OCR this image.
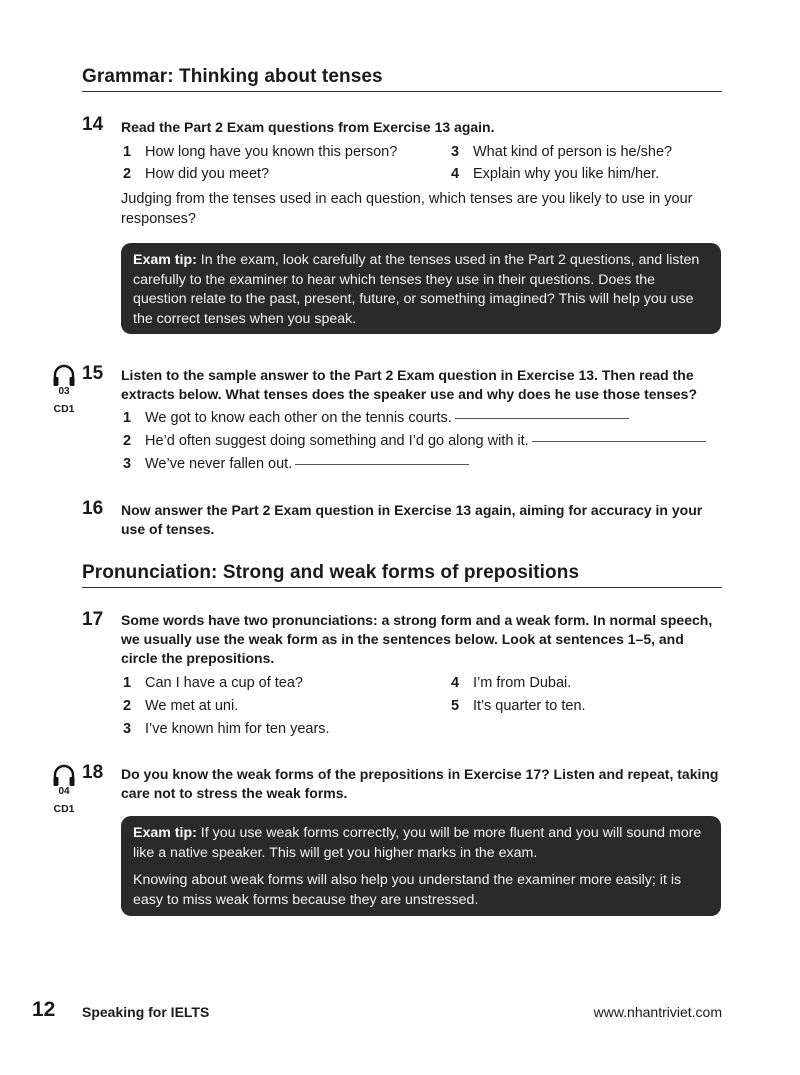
Grammar: Thinking about tenses
14 Read the Part 2 Exam questions from Exercise 13 again.
1 How long have you known this person?
2 How did you meet?
3 What kind of person is he/she?
4 Explain why you like him/her.
Judging from the tenses used in each question, which tenses are you likely to use in your responses?

Exam tip: In the exam, look carefully at the tenses used in the Part 2 questions, and listen carefully to the examiner to hear which tenses they use in their questions. Does the question relate to the past, present, future, or something imagined? This will help you use the correct tenses when you speak.

03
CD1
15 Listen to the sample answer to the Part 2 Exam question in Exercise 13. Then read the extracts below. What tenses does the speaker use and why does he use those tenses?
1 We got to know each other on the tennis courts.
2 He’d often suggest doing something and I’d go along with it.
3 We’ve never fallen out.
16 Now answer the Part 2 Exam question in Exercise 13 again, aiming for accuracy in your use of tenses.
Pronunciation: Strong and weak forms of prepositions
17 Some words have two pronunciations: a strong form and a weak form. In normal speech, we usually use the weak form as in the sentences below. Look at sentences 1–5, and circle the prepositions.
1 Can I have a cup of tea?
2 We met at uni.
3 I’ve known him for ten years.
4 I’m from Dubai.
5 It’s quarter to ten.
04
CD1
18 Do you know the weak forms of the prepositions in Exercise 17? Listen and repeat, taking care not to stress the weak forms.

Exam tip: If you use weak forms correctly, you will be more fluent and you will sound more like a native speaker. This will get you higher marks in the exam.

Knowing about weak forms will also help you understand the examiner more easily; it is easy to miss weak forms because they are unstressed.

12 Speaking for IELTS	www.nhantriviet.com
